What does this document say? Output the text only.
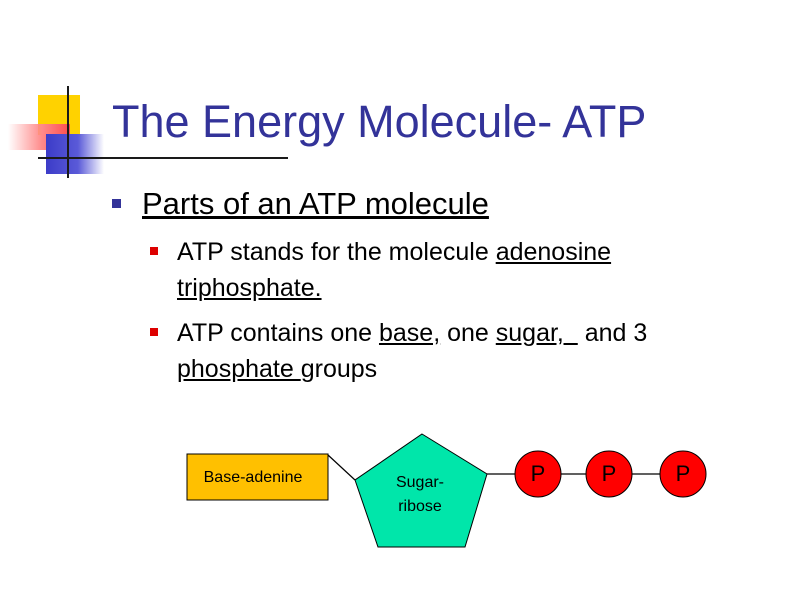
The Energy Molecule- ATP
Parts of an ATP molecule
ATP stands for the molecule adenosine
triphosphate.
ATP contains one base, one sugar,   and 3
phosphate groups
Base-adenine	Sugar-
ribose
P	P	P
